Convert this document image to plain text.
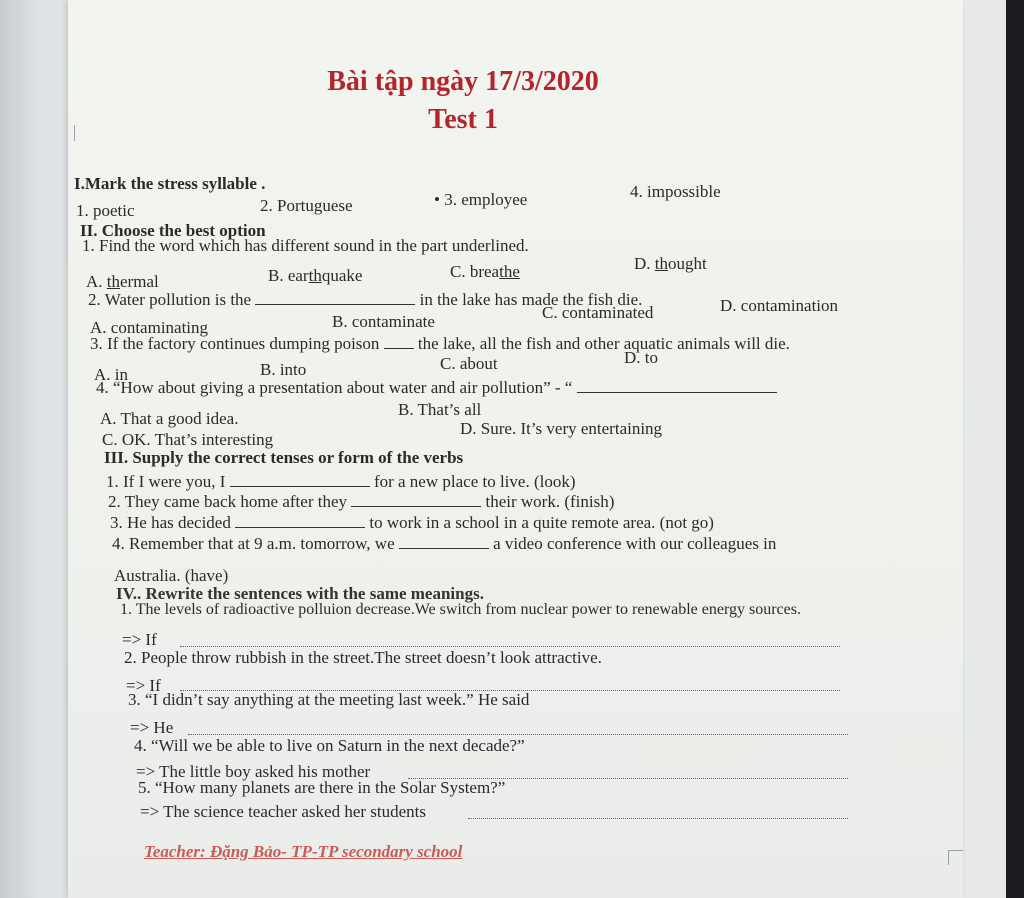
Bài tập ngày 17/3/2020
Test 1
I.Mark the stress syllable .
1. poetic	2. Portuguese	• 3. employee	4. impossible
II. Choose the best option
1. Find the word which has different sound in the part underlined.
A. thermal	B. earthquake	C. breathe	D. thought
2. Water pollution is the	in the lake has made the fish die.
A. contaminating	B. contaminate	C. contaminated	D. contamination
3. If the factory continues dumping poison the lake, all the fish and other aquatic animals will die.
A. in	B. into	C. about	D. to
4. “How about giving a presentation about water and air pollution” - “
A. That a good idea.	B. That’s all
C. OK. That’s interesting
D. Sure. It’s very entertaining
III. Supply the correct tenses or form of the verbs
1. If I were you, I	for a new place to live. (look)
2. They came back home after they	their work. (finish)
3. He has decided	to work in a school in a quite remote area. (not go)
4. Remember that at 9 a.m. tomorrow, we	a video conference with our colleagues in
Australia. (have)
IV.. Rewrite the sentences with the same meanings.
1. The levels of radioactive polluion decrease.We switch from nuclear power to renewable energy sources.
=> If
2. People throw rubbish in the street.The street doesn’t look attractive.
=> If
3. “I didn’t say anything at the meeting last week.” He said
=> He
4. “Will we be able to live on Saturn in the next decade?”
=> The little boy asked his mother
5. “How many planets are there in the Solar System?”
=> The science teacher asked her students
Teacher: Đặng Bảo- TP-TP secondary school
